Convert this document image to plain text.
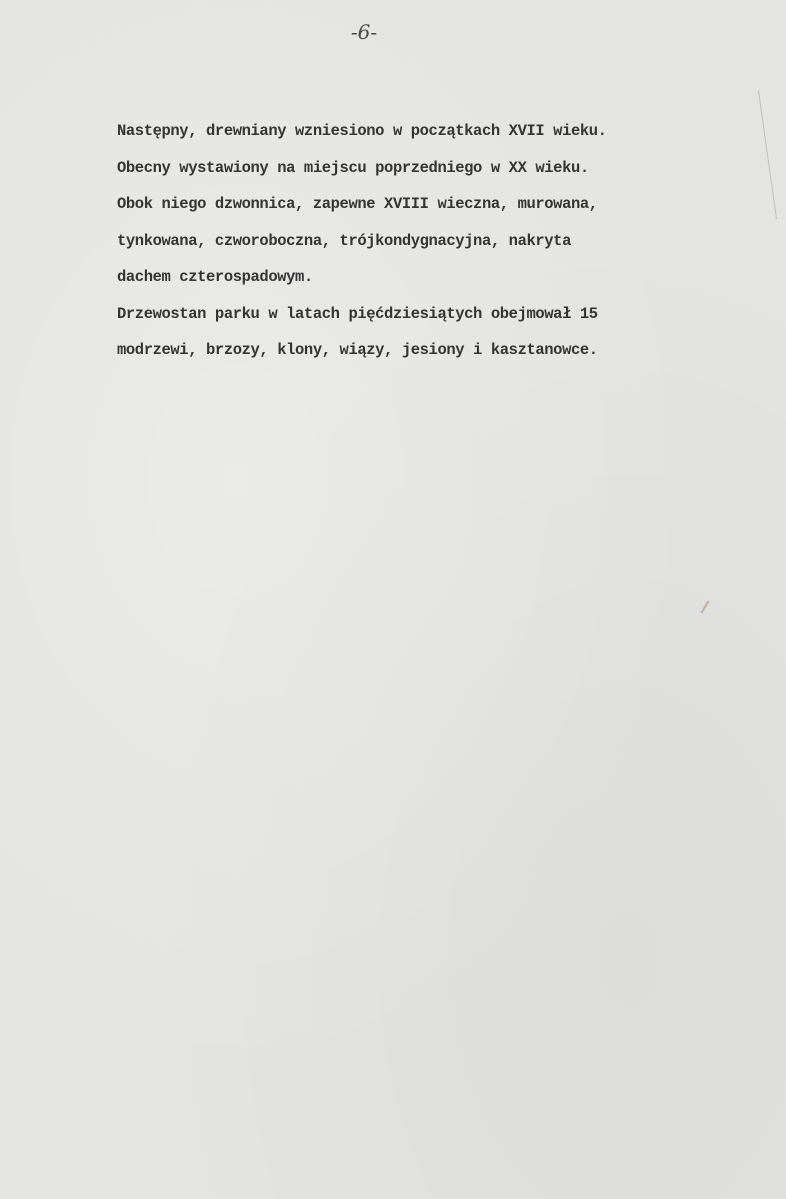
-6-
Następny, drewniany wzniesiono w początkach XVII wieku.
Obecny wystawiony na miejscu poprzedniego w XX wieku.
Obok niego dzwonnica, zapewne XVIII wieczna, murowana,
tynkowana, czworoboczna, trójkondygnacyjna, nakryta
dachem czterospadowym.
Drzewostan parku w latach pięćdziesiątych obejmował 15
modrzewi, brzozy, klony, wiązy, jesiony i kasztanowce.
